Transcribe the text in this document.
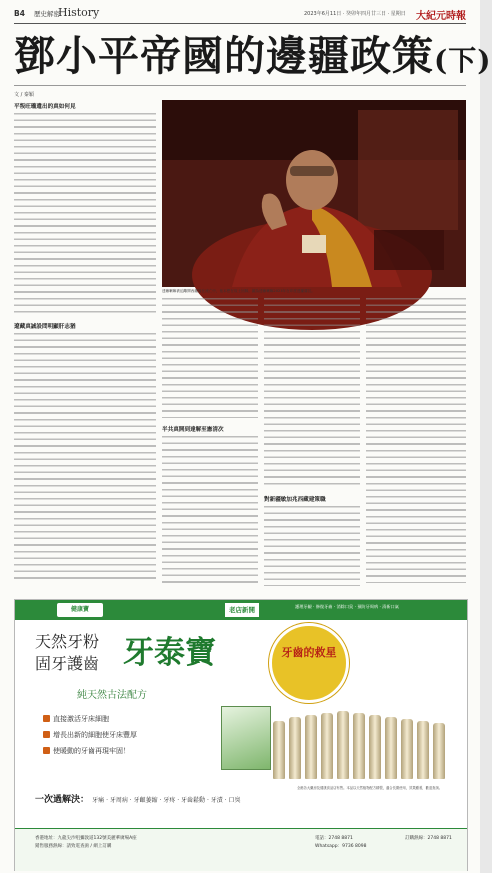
B4 歷史解密
History	2023年6月11日 · 癸卯年四月廿三日 · 星期日 大紀元時報
鄧小平帝國的邊疆政策(下)
文 / 秦穎
平叛旺瓏遺出的真如何見
遼藏真誠設問明顯肝志猶
達賴喇嘛被迫離開西藏後在流亡中，他本想在故土回歸。圖為達賴喇嘛2023年在印度達蘭薩拉。
半共真開到達解至憲清次
對新疆敏加兆西藏建策職
健康寶	老店新開	護理牙齦 · 修復牙齒 · 消除口臭 · 預防牙周病 · 清新口氣
天然牙粉
固牙護齒 牙泰寶
純天然古法配方
牙齒的救星
直接激活牙床細胞
增長出新的細胞使牙床豐厚
使暖動的牙齒再現牢固！
一次過解決： 牙痛 · 牙周病 · 牙齦萎縮 · 牙疼 · 牙齒鬆動 · 牙漬 · 口臭
全港各大藥房及健康食品店有售。本品以天然植物配方精製，適合長期使用，效果顯著，歡迎查詢。
香港地址：九龍尖沙咀彌敦道132號美麗華廣場A座
銷售服務熱線：請致電查詢 / 網上訂購
電話：2748 8871
Whatsapp：9736 8098
訂購熱線：2748 8871
